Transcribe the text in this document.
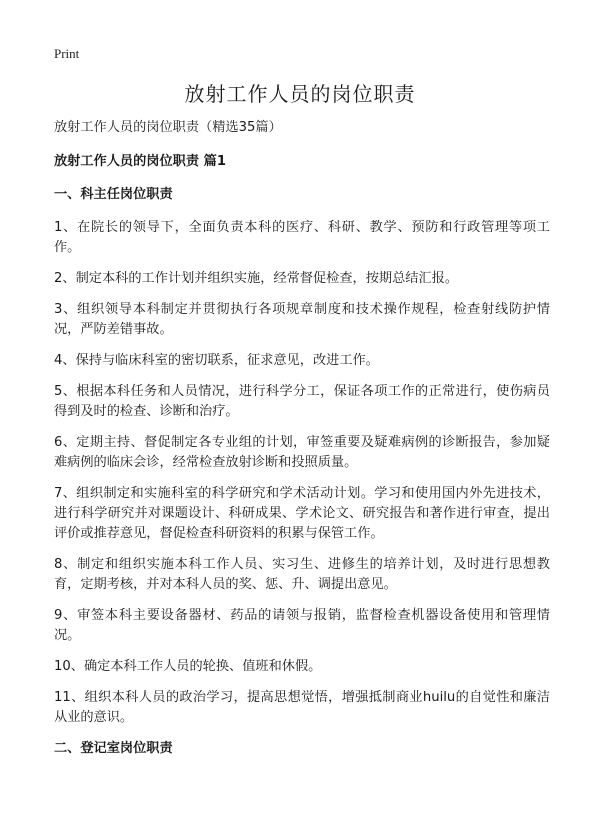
Print
放射工作人员的岗位职责

放射工作人员的岗位职责（精选35篇）

放射工作人员的岗位职责 篇1

一、科主任岗位职责

1、在院长的领导下，全面负责本科的医疗、科研、教学、预防和行政管理等项工作。

2、制定本科的工作计划并组织实施，经常督促检查，按期总结汇报。

3、组织领导本科制定并贯彻执行各项规章制度和技术操作规程，检查射线防护情况，严防差错事故。

4、保持与临床科室的密切联系，征求意见，改进工作。

5、根据本科任务和人员情况，进行科学分工，保证各项工作的正常进行，使伤病员得到及时的检查、诊断和治疗。

6、定期主持、督促制定各专业组的计划，审签重要及疑难病例的诊断报告，参加疑难病例的临床会诊，经常检查放射诊断和投照质量。

7、组织制定和实施科室的科学研究和学术活动计划。学习和使用国内外先进技术，进行科学研究并对课题设计、科研成果、学术论文、研究报告和著作进行审查，提出评价或推荐意见，督促检查科研资料的积累与保管工作。

8、制定和组织实施本科工作人员、实习生、进修生的培养计划，及时进行思想教育，定期考核，并对本科人员的奖、惩、升、调提出意见。

9、审签本科主要设备器材、药品的请领与报销，监督检查机器设备使用和管理情况。

10、确定本科工作人员的轮换、值班和休假。

11、组织本科人员的政治学习，提高思想觉悟，增强抵制商业huilu的自觉性和廉洁从业的意识。

二、登记室岗位职责
